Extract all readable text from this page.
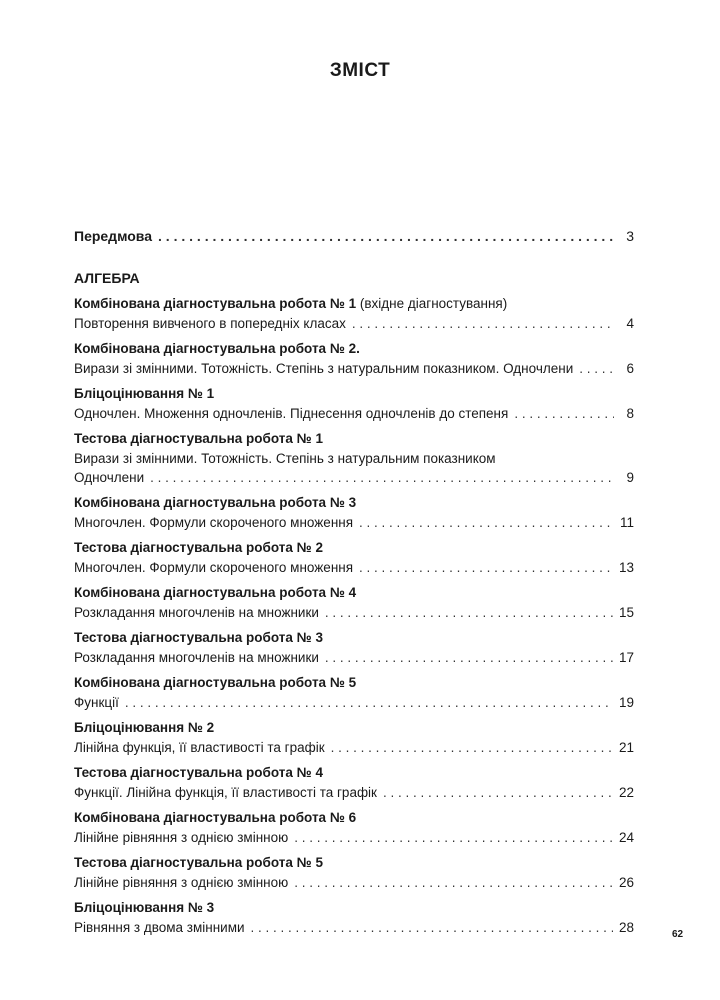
ЗМІСТ
Передмова . . .	3
АЛГЕБРА
Комбінована діагностувальна робота № 1 (вхідне діагностування)
Повторення вивченого в попередніх класах . . .	4
Комбінована діагностувальна робота № 2.
Вирази зі змінними. Тотожність. Степінь з натуральним показником. Одночлени . . .	6
Бліцоцінювання № 1
Одночлен. Множення одночленів. Піднесення одночленів до степеня . . .	8
Тестова діагностувальна робота № 1
Вирази зі змінними. Тотожність. Степінь з натуральним показником
Одночлени . . .	9
Комбінована діагностувальна робота № 3
Многочлен. Формули скороченого множення . . .	11
Тестова діагностувальна робота № 2
Многочлен. Формули скороченого множення . . .	13
Комбінована діагностувальна робота № 4
Розкладання многочленів на множники . . .	15
Тестова діагностувальна робота № 3
Розкладання многочленів на множники . . .	17
Комбінована діагностувальна робота № 5
Функції . . .	19
Бліцоцінювання № 2
Лінійна функція, її властивості та графік . . .	21
Тестова діагностувальна робота № 4
Функції. Лінійна функція, її властивості та графік . . .	22
Комбінована діагностувальна робота № 6
Лінійне рівняння з однією змінною . . .	24
Тестова діагностувальна робота № 5
Лінійне рівняння з однією змінною . . .	26
Бліцоцінювання № 3
Рівняння з двома змінними . . .	28	62
